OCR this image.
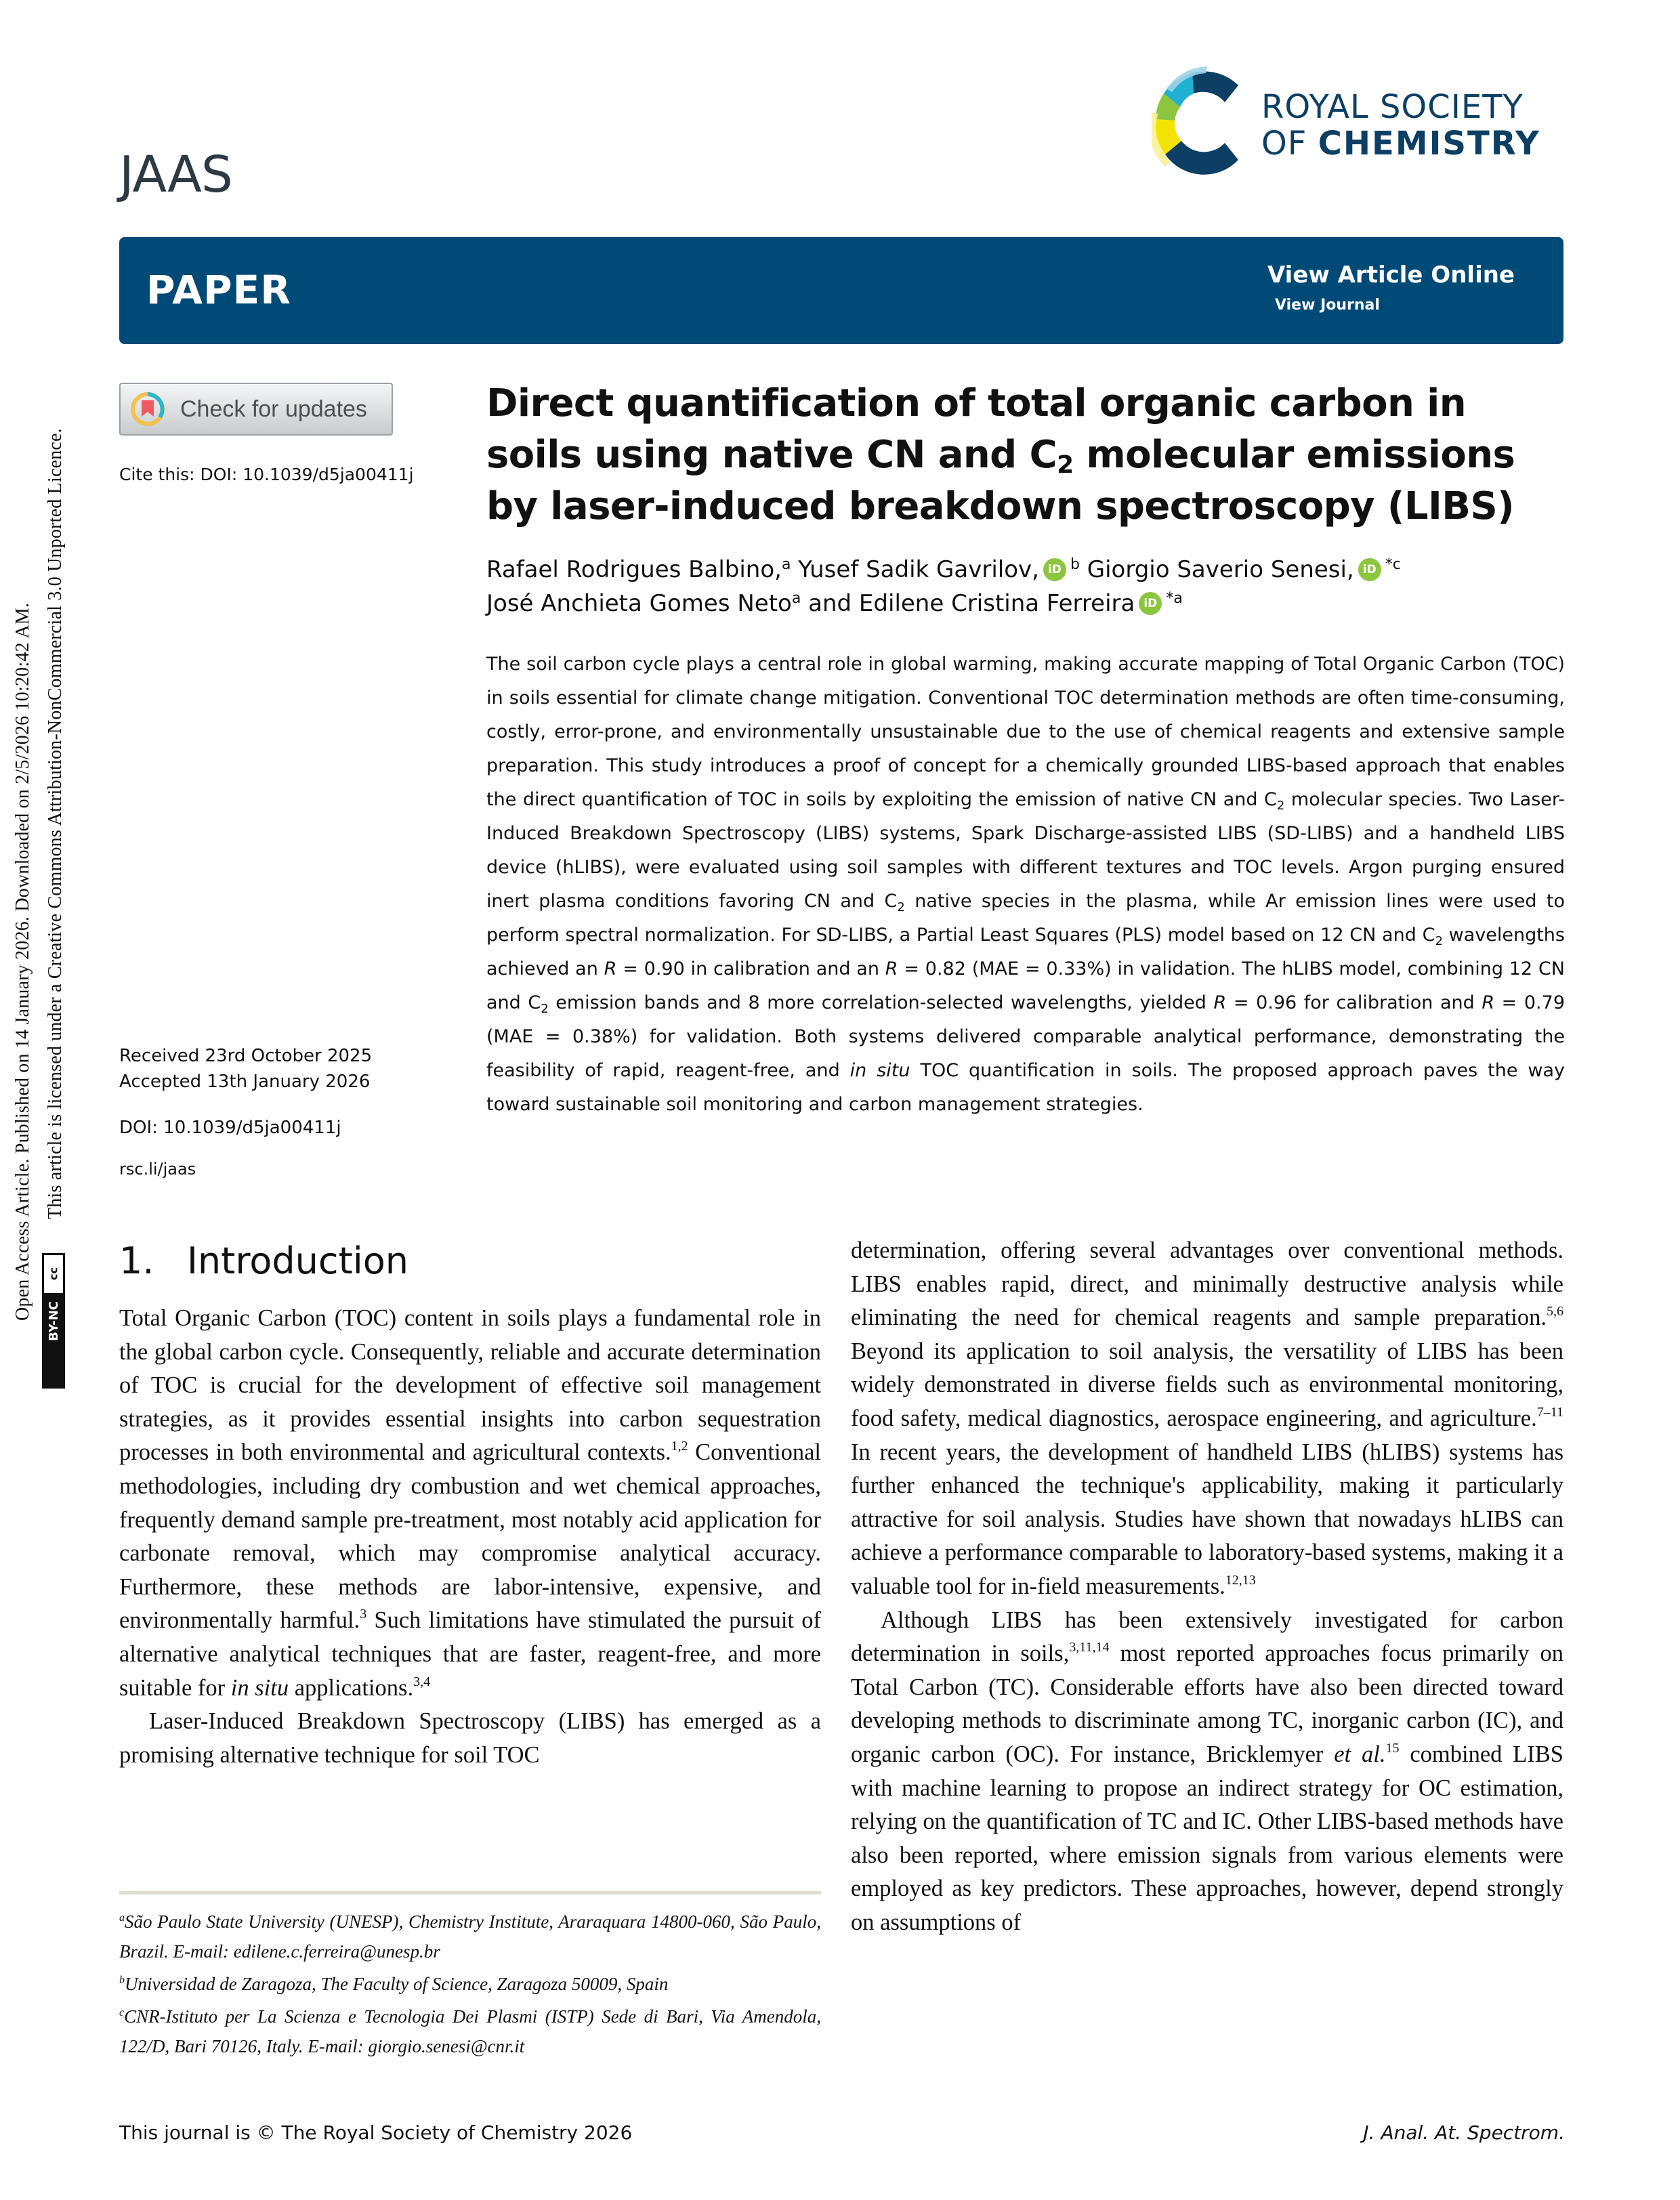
Open Access Article. Published on 14 January 2026. Downloaded on 2/5/2026 10:20:42 AM. This article is licensed under a Creative Commons Attribution-NonCommercial 3.0 Unported Licence.
cc
BY-NC
JAAS
ROYAL SOCIETY
OF CHEMISTRY
PAPER	View Article Online
View Journal
Check for updates
Cite this: DOI: 10.1039/d5ja00411j
Received 23rd October 2025
Accepted 13th January 2026
DOI: 10.1039/d5ja00411j
rsc.li/jaas
Direct quantification of total organic carbon in soils using native CN and $C_2$ molecular emissions by laser-induced breakdown spectroscopy (LIBS)
Rafael Rodrigues Balbino,$^a$ Yusef Sadik Gavrilov, iD $^b$ Giorgio Saverio Senesi, iD $^{*c}$
José Anchieta Gomes Neto$^a$ and Edilene Cristina Ferreira iD $^{*a}$
The soil carbon cycle plays a central role in global warming, making accurate mapping of Total Organic Carbon (TOC) in soils essential for climate change mitigation. Conventional TOC determination methods are often time-consuming, costly, error-prone, and environmentally unsustainable due to the use of chemical reagents and extensive sample preparation. This study introduces a proof of concept for a chemically grounded LIBS-based approach that enables the direct quantification of TOC in soils by exploiting the emission of native CN and $C_2$ molecular species. Two Laser-Induced Breakdown Spectroscopy (LIBS) systems, Spark Discharge-assisted LIBS (SD-LIBS) and a handheld LIBS device (hLIBS), were evaluated using soil samples with different textures and TOC levels. Argon purging ensured inert plasma conditions favoring CN and $C_2$ native species in the plasma, while Ar emission lines were used to perform spectral normalization. For SD-LIBS, a Partial Least Squares (PLS) model based on 12 CN and $C_2$ wavelengths achieved an R = 0.90 in calibration and an R = 0.82 (MAE = 0.33%) in validation. The hLIBS model, combining 12 CN and $C_2$ emission bands and 8 more correlation-selected wavelengths, yielded R = 0.96 for calibration and R = 0.79 (MAE = 0.38%) for validation. Both systems delivered comparable analytical performance, demonstrating the feasibility of rapid, reagent-free, and in situ TOC quantification in soils. The proposed approach paves the way toward sustainable soil monitoring and carbon management strategies.
1. Introduction

Total Organic Carbon (TOC) content in soils plays a fundamental role in the global carbon cycle. Consequently, reliable and accurate determination of TOC is crucial for the development of effective soil management strategies, as it provides essential insights into carbon sequestration processes in both environmental and agricultural contexts.$^{1,2}$ Conventional methodologies, including dry combustion and wet chemical approaches, frequently demand sample pre-treatment, most notably acid application for carbonate removal, which may compromise analytical accuracy. Furthermore, these methods are labor-intensive, expensive, and environmentally harmful.$^3$ Such limitations have stimulated the pursuit of alternative analytical techniques that are faster, reagent-free, and more suitable for in situ applications.$^{3,4}$

Laser-Induced Breakdown Spectroscopy (LIBS) has emerged as a promising alternative technique for soil TOC

determination, offering several advantages over conventional methods. LIBS enables rapid, direct, and minimally destructive analysis while eliminating the need for chemical reagents and sample preparation.$^{5,6}$ Beyond its application to soil analysis, the versatility of LIBS has been widely demonstrated in diverse fields such as environmental monitoring, food safety, medical diagnostics, aerospace engineering, and agriculture.$^{7-11}$ In recent years, the development of handheld LIBS (hLIBS) systems has further enhanced the technique's applicability, making it particularly attractive for soil analysis. Studies have shown that nowadays hLIBS can achieve a performance comparable to laboratory-based systems, making it a valuable tool for in-field measurements.$^{12,13}$

Although LIBS has been extensively investigated for carbon determination in soils,$^{3,11,14}$ most reported approaches focus primarily on Total Carbon (TC). Considerable efforts have also been directed toward developing methods to discriminate among TC, inorganic carbon (IC), and organic carbon (OC). For instance, Bricklemyer et al.$^{15}$ combined LIBS with machine learning to propose an indirect strategy for OC estimation, relying on the quantification of TC and IC. Other LIBS-based methods have also been reported, where emission signals from various elements were employed as key predictors. These approaches, however, depend strongly on assumptions of

$^a$São Paulo State University (UNESP), Chemistry Institute, Araraquara 14800-060, São Paulo, Brazil. E-mail: edilene.c.ferreira@unesp.br

$^b$Universidad de Zaragoza, The Faculty of Science, Zaragoza 50009, Spain

$^c$CNR-Istituto per La Scienza e Tecnologia Dei Plasmi (ISTP) Sede di Bari, Via Amendola, 122/D, Bari 70126, Italy. E-mail: giorgio.senesi@cnr.it

This journal is © The Royal Society of Chemistry 2026	J. Anal. At. Spectrom.
